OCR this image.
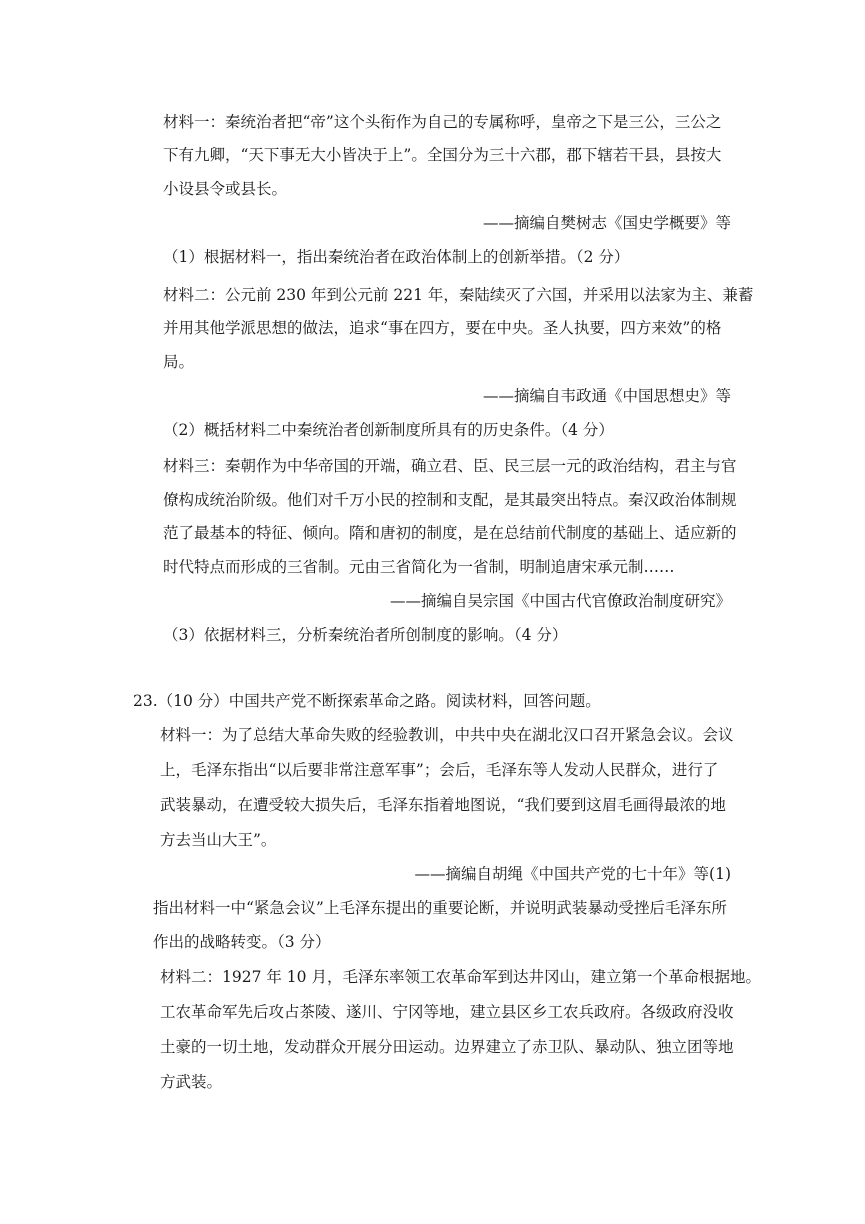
材料一：秦统治者把“帝”这个头衔作为自己的专属称呼，皇帝之下是三公，三公之
下有九卿，“天下事无大小皆决于上”。全国分为三十六郡，郡下辖若干县，县按大
小设县令或县长。
——摘编自樊树志《国史学概要》等
（1）根据材料一，指出秦统治者在政治体制上的创新举措。（2 分）
材料二：公元前 230 年到公元前 221 年，秦陆续灭了六国，并采用以法家为主、兼蓄
并用其他学派思想的做法，追求“事在四方，要在中央。圣人执要，四方来效”的格
局。
——摘编自韦政通《中国思想史》等
（2）概括材料二中秦统治者创新制度所具有的历史条件。（4 分）
材料三：秦朝作为中华帝国的开端，确立君、臣、民三层一元的政治结构，君主与官
僚构成统治阶级。他们对千万小民的控制和支配，是其最突出特点。秦汉政治体制规
范了最基本的特征、倾向。隋和唐初的制度，是在总结前代制度的基础上、适应新的
时代特点而形成的三省制。元由三省简化为一省制，明制追唐宋承元制……
——摘编自吴宗国《中国古代官僚政治制度研究》
（3）依据材料三，分析秦统治者所创制度的影响。（4 分）
23.（10 分）中国共产党不断探索革命之路。阅读材料，回答问题。
材料一：为了总结大革命失败的经验教训，中共中央在湖北汉口召开紧急会议。会议
上，毛泽东指出“以后要非常注意军事”；会后，毛泽东等人发动人民群众，进行了
武装暴动，在遭受较大损失后，毛泽东指着地图说，“我们要到这眉毛画得最浓的地
方去当山大王”。
——摘编自胡绳《中国共产党的七十年》等(1)
指出材料一中“紧急会议”上毛泽东提出的重要论断，并说明武装暴动受挫后毛泽东所
作出的战略转变。（3 分）
材料二：1927 年 10 月，毛泽东率领工农革命军到达井冈山，建立第一个革命根据地。
工农革命军先后攻占茶陵、遂川、宁冈等地，建立县区乡工农兵政府。各级政府没收
土豪的一切土地，发动群众开展分田运动。边界建立了赤卫队、暴动队、独立团等地
方武装。
